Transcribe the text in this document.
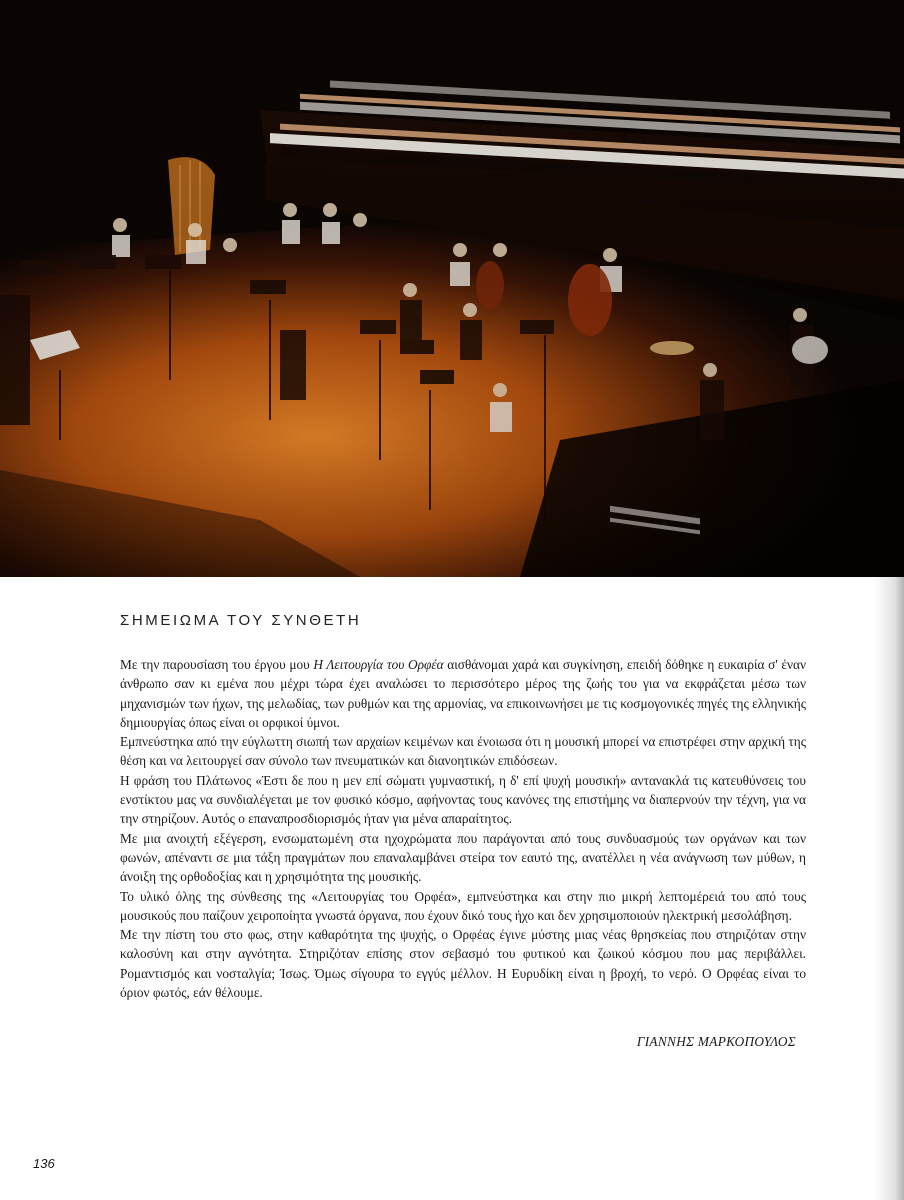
ΣΗΜΕΙΩΜΑ ΤΟΥ ΣΥΝΘΕΤΗ

Με την παρουσίαση του έργου μου Η Λειτουργία του Ορφέα αισθάνομαι χαρά και συγκίνηση, επειδή δόθηκε η ευκαιρία σ' έναν άνθρωπο σαν κι εμένα που μέχρι τώρα έχει αναλώσει το περισσότερο μέρος της ζωής του για να εκφράζεται μέσω των μηχανισμών των ήχων, της μελωδίας, των ρυθμών και της αρμονίας, να επικοινωνήσει με τις κοσμογονικές πηγές της ελληνικής δημιουργίας όπως είναι οι ορφικοί ύμνοι.

Εμπνεύστηκα από την εύγλωττη σιωπή των αρχαίων κειμένων και ένοιωσα ότι η μουσική μπορεί να επιστρέφει στην αρχική της θέση και να λειτουργεί σαν σύνολο των πνευματικών και διανοητικών επιδόσεων.

Η φράση του Πλάτωνος «Έστι δε που η μεν επί σώματι γυμναστική, η δ' επί ψυχή μουσική» αντανακλά τις κατευθύνσεις του ενστίκτου μας να συνδιαλέγεται με τον φυσικό κόσμο, αφήνοντας τους κανόνες της επιστήμης να διαπερνούν την τέχνη, για να την στηρίζουν. Αυτός ο επαναπροσδιορισμός ήταν για μένα απαραίτητος.

Με μια ανοιχτή εξέγερση, ενσωματωμένη στα ηχοχρώματα που παράγονται από τους συνδυασμούς των οργάνων και των φωνών, απέναντι σε μια τάξη πραγμάτων που επαναλαμβάνει στείρα τον εαυτό της, ανατέλλει η νέα ανάγνωση των μύθων, η άνοιξη της ορθοδοξίας και η χρησιμότητα της μουσικής.

Το υλικό όλης της σύνθεσης της «Λειτουργίας του Ορφέα», εμπνεύστηκα και στην πιο μικρή λεπτομέρειά του από τους μουσικούς που παίζουν χειροποίητα γνωστά όργανα, που έχουν δικό τους ήχο και δεν χρησιμοποιούν ηλεκτρική μεσολάβηση.

Με την πίστη του στο φως, στην καθαρότητα της ψυχής, ο Ορφέας έγινε μύστης μιας νέας θρησκείας που στηριζόταν στην καλοσύνη και στην αγνότητα. Στηριζόταν επίσης στον σεβασμό του φυτικού και ζωικού κόσμου που μας περιβάλλει. Ρομαντισμός και νοσταλγία; Ίσως. Όμως σίγουρα το εγγύς μέλλον. Η Ευρυδίκη είναι η βροχή, το νερό. Ο Ορφέας είναι το όριον φωτός, εάν θέλουμε.

ΓΙΑΝΝΗΣ ΜΑΡΚΟΠΟΥΛΟΣ
136
